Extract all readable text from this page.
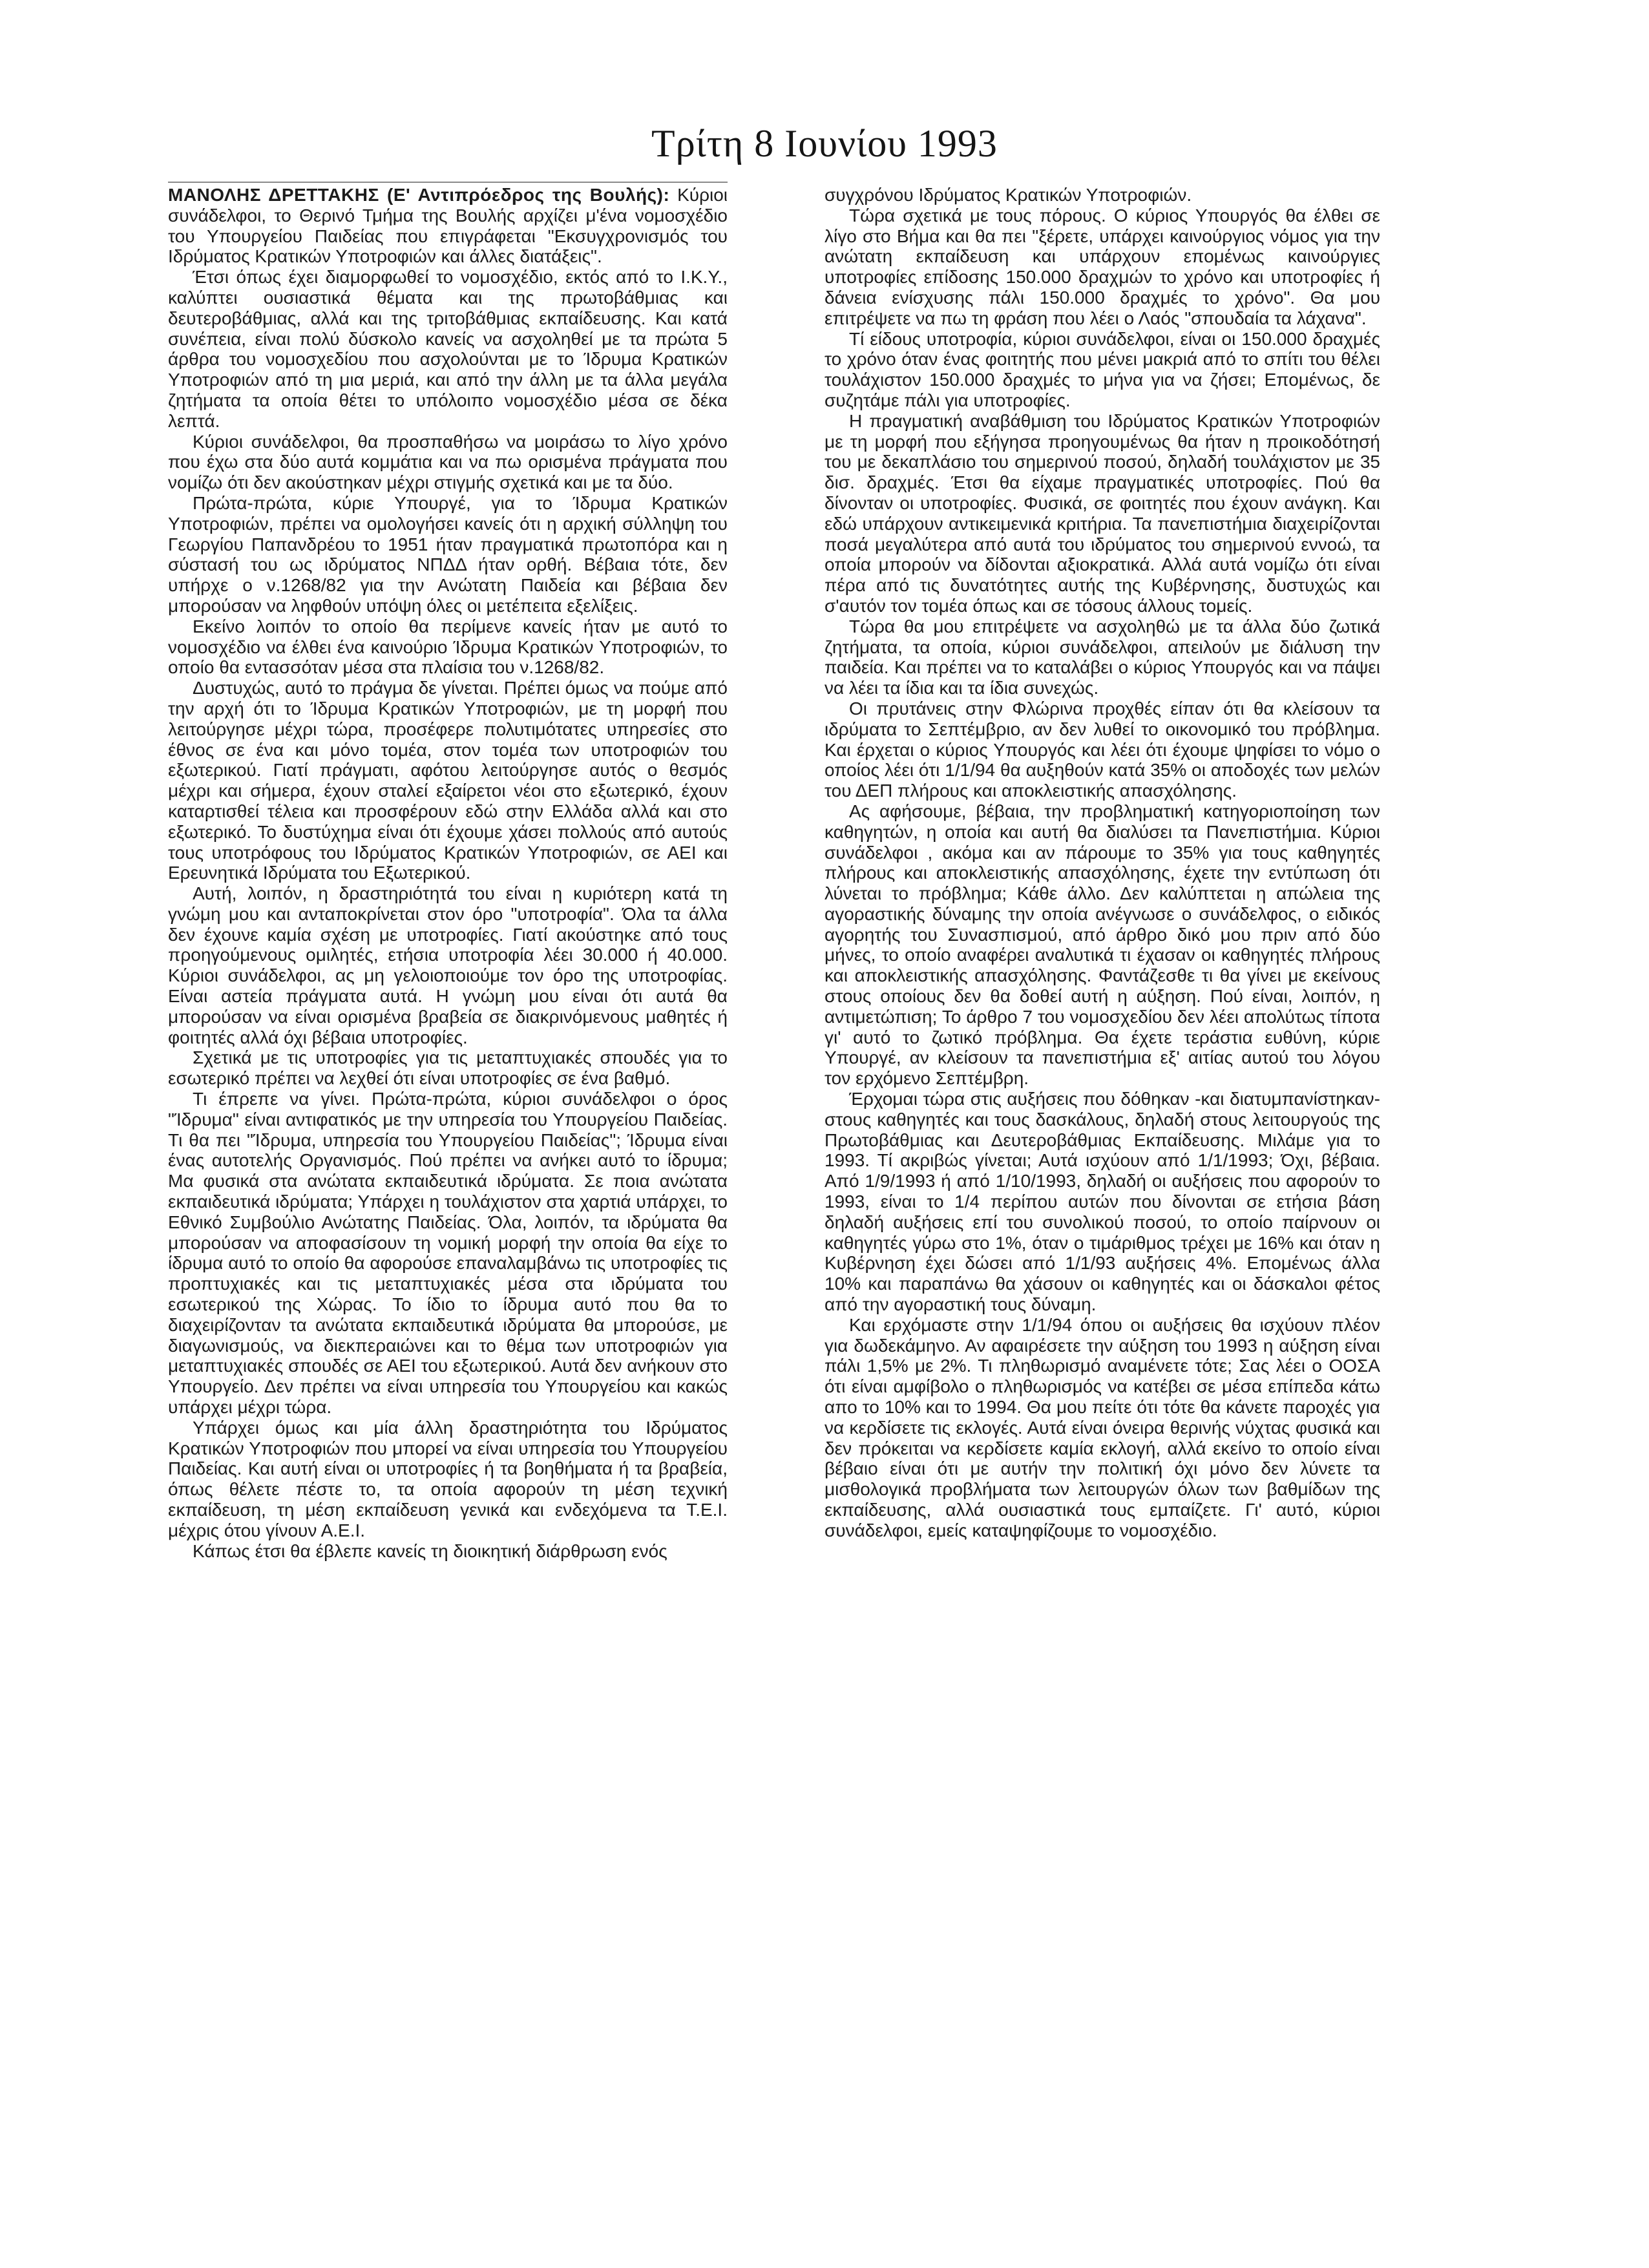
Τρίτη 8 Ιουνίου 1993

ΜΑΝΟΛΗΣ ΔΡΕΤΤΑΚΗΣ (Ε' Αντιπρόεδρος της Βουλής): Κύριοι συνάδελφοι, το Θερινό Τμήμα της Βουλής αρχίζει μ'ένα νομοσχέδιο του Υπουργείου Παιδείας που επιγράφεται "Εκσυγχρονισμός του Ιδρύματος Κρατικών Υποτροφιών και άλλες διατάξεις".

Έτσι όπως έχει διαμορφωθεί το νομοσχέδιο, εκτός από το Ι.Κ.Υ., καλύπτει ουσιαστικά θέματα και της πρωτοβάθμιας και δευτεροβάθμιας, αλλά και της τριτοβάθμιας εκπαίδευσης. Και κατά συνέπεια, είναι πολύ δύσκολο κανείς να ασχοληθεί με τα πρώτα 5 άρθρα του νομοσχεδίου που ασχολούνται με το Ίδρυμα Κρατικών Υποτροφιών από τη μια μεριά, και από την άλλη με τα άλλα μεγάλα ζητήματα τα οποία θέτει το υπόλοιπο νομοσχέδιο μέσα σε δέκα λεπτά.

Κύριοι συνάδελφοι, θα προσπαθήσω να μοιράσω το λίγο χρόνο που έχω στα δύο αυτά κομμάτια και να πω ορισμένα πράγματα που νομίζω ότι δεν ακούστηκαν μέχρι στιγμής σχετικά και με τα δύο.

Πρώτα-πρώτα, κύριε Υπουργέ, για το Ίδρυμα Κρατικών Υποτροφιών, πρέπει να ομολογήσει κανείς ότι η αρχική σύλληψη του Γεωργίου Παπανδρέου το 1951 ήταν πραγματικά πρωτοπόρα και η σύστασή του ως ιδρύματος ΝΠΔΔ ήταν ορθή. Βέβαια τότε, δεν υπήρχε ο ν.1268/82 για την Ανώτατη Παιδεία και βέβαια δεν μπορούσαν να ληφθούν υπόψη όλες οι μετέπειτα εξελίξεις.

Εκείνο λοιπόν το οποίο θα περίμενε κανείς ήταν με αυτό το νομοσχέδιο να έλθει ένα καινούριο Ίδρυμα Κρατικών Υποτροφιών, το οποίο θα εντασσόταν μέσα στα πλαίσια του ν.1268/82.

Δυστυχώς, αυτό το πράγμα δε γίνεται. Πρέπει όμως να πούμε από την αρχή ότι το Ίδρυμα Κρατικών Υποτροφιών, με τη μορφή που λειτούργησε μέχρι τώρα, προσέφερε πολυτιμότατες υπηρεσίες στο έθνος σε ένα και μόνο τομέα, στον τομέα των υποτροφιών του εξωτερικού. Γιατί πράγματι, αφότου λειτούργησε αυτός ο θεσμός μέχρι και σήμερα, έχουν σταλεί εξαίρετοι νέοι στο εξωτερικό, έχουν καταρτισθεί τέλεια και προσφέρουν εδώ στην Ελλάδα αλλά και στο εξωτερικό. Το δυστύχημα είναι ότι έχουμε χάσει πολλούς από αυτούς τους υποτρόφους του Ιδρύματος Κρατικών Υποτροφιών, σε ΑΕΙ και Ερευνητικά Ιδρύματα του Εξωτερικού.

Αυτή, λοιπόν, η δραστηριότητά του είναι η κυριότερη κατά τη γνώμη μου και ανταποκρίνεται στον όρο "υποτροφία". Όλα τα άλλα δεν έχουνε καμία σχέση με υποτροφίες. Γιατί ακούστηκε από τους προηγούμενους ομιλητές, ετήσια υποτροφία λέει 30.000 ή 40.000. Κύριοι συνάδελφοι, ας μη γελοιοποιούμε τον όρο της υποτροφίας. Είναι αστεία πράγματα αυτά. Η γνώμη μου είναι ότι αυτά θα μπορούσαν να είναι ορισμένα βραβεία σε διακρινόμενους μαθητές ή φοιτητές αλλά όχι βέβαια υποτροφίες.

Σχετικά με τις υποτροφίες για τις μεταπτυχιακές σπουδές για το εσωτερικό πρέπει να λεχθεί ότι είναι υποτροφίες σε ένα βαθμό.

Τι έπρεπε να γίνει. Πρώτα-πρώτα, κύριοι συνάδελφοι ο όρος "Ίδρυμα" είναι αντιφατικός με την υπηρεσία του Υπουργείου Παιδείας. Τι θα πει "Ίδρυμα, υπηρεσία του Υπουργείου Παιδείας"; Ίδρυμα είναι ένας αυτοτελής Οργανισμός. Πού πρέπει να ανήκει αυτό το ίδρυμα; Μα φυσικά στα ανώτατα εκπαιδευτικά ιδρύματα. Σε ποια ανώτατα εκπαιδευτικά ιδρύματα; Υπάρχει η τουλάχιστον στα χαρτιά υπάρχει, το Εθνικό Συμβούλιο Ανώτατης Παιδείας. Όλα, λοιπόν, τα ιδρύματα θα μπορούσαν να αποφασίσουν τη νομική μορφή την οποία θα είχε το ίδρυμα αυτό το οποίο θα αφορούσε επαναλαμβάνω τις υποτροφίες τις προπτυχιακές και τις μεταπτυχιακές μέσα στα ιδρύματα του εσωτερικού της Χώρας. Το ίδιο το ίδρυμα αυτό που θα το διαχειρίζονταν τα ανώτατα εκπαιδευτικά ιδρύματα θα μπορούσε, με διαγωνισμούς, να διεκπεραιώνει και το θέμα των υποτροφιών για μεταπτυχιακές σπουδές σε ΑΕΙ του εξωτερικού. Αυτά δεν ανήκουν στο Υπουργείο. Δεν πρέπει να είναι υπηρεσία του Υπουργείου και κακώς υπάρχει μέχρι τώρα.

Υπάρχει όμως και μία άλλη δραστηριότητα του Ιδρύματος Κρατικών Υποτροφιών που μπορεί να είναι υπηρεσία του Υπουργείου Παιδείας. Και αυτή είναι οι υποτροφίες ή τα βοηθήματα ή τα βραβεία, όπως θέλετε πέστε το, τα οποία αφορούν τη μέση τεχνική εκπαίδευση, τη μέση εκπαίδευση γενικά και ενδεχόμενα τα Τ.Ε.Ι. μέχρις ότου γίνουν Α.Ε.Ι.

Κάπως έτσι θα έβλεπε κανείς τη διοικητική διάρθρωση ενός

συγχρόνου Ιδρύματος Κρατικών Υποτροφιών.

Τώρα σχετικά με τους πόρους. Ο κύριος Υπουργός θα έλθει σε λίγο στο Βήμα και θα πει "ξέρετε, υπάρχει καινούργιος νόμος για την ανώτατη εκπαίδευση και υπάρχουν επομένως καινούργιες υποτροφίες επίδοσης 150.000 δραχμών το χρόνο και υποτροφίες ή δάνεια ενίσχυσης πάλι 150.000 δραχμές το χρόνο". Θα μου επιτρέψετε να πω τη φράση που λέει ο Λαός "σπουδαία τα λάχανα".

Τί είδους υποτροφία, κύριοι συνάδελφοι, είναι οι 150.000 δραχμές το χρόνο όταν ένας φοιτητής που μένει μακριά από το σπίτι του θέλει τουλάχιστον 150.000 δραχμές το μήνα για να ζήσει; Επομένως, δε συζητάμε πάλι για υποτροφίες.

Η πραγματική αναβάθμιση του Ιδρύματος Κρατικών Υποτροφιών με τη μορφή που εξήγησα προηγουμένως θα ήταν η προικοδότησή του με δεκαπλάσιο του σημερινού ποσού, δηλαδή τουλάχιστον με 35 δισ. δραχμές. Έτσι θα είχαμε πραγματικές υποτροφίες. Πού θα δίνονταν οι υποτροφίες. Φυσικά, σε φοιτητές που έχουν ανάγκη. Και εδώ υπάρχουν αντικειμενικά κριτήρια. Τα πανεπιστήμια διαχειρίζονται ποσά μεγαλύτερα από αυτά του ιδρύματος του σημερινού εννοώ, τα οποία μπορούν να δίδονται αξιοκρατικά. Αλλά αυτά νομίζω ότι είναι πέρα από τις δυνατότητες αυτής της Κυβέρνησης, δυστυχώς και σ'αυτόν τον τομέα όπως και σε τόσους άλλους τομείς.

Τώρα θα μου επιτρέψετε να ασχοληθώ με τα άλλα δύο ζωτικά ζητήματα, τα οποία, κύριοι συνάδελφοι, απειλούν με διάλυση την παιδεία. Και πρέπει να το καταλάβει ο κύριος Υπουργός και να πάψει να λέει τα ίδια και τα ίδια συνεχώς.

Οι πρυτάνεις στην Φλώρινα προχθές είπαν ότι θα κλείσουν τα ιδρύματα το Σεπτέμβριο, αν δεν λυθεί το οικονομικό του πρόβλημα. Και έρχεται ο κύριος Υπουργός και λέει ότι έχουμε ψηφίσει το νόμο ο οποίος λέει ότι 1/1/94 θα αυξηθούν κατά 35% οι αποδοχές των μελών του ΔΕΠ πλήρους και αποκλειστικής απασχόλησης.

Ας αφήσουμε, βέβαια, την προβληματική κατηγοριοποίηση των καθηγητών, η οποία και αυτή θα διαλύσει τα Πανεπιστήμια. Κύριοι συνάδελφοι , ακόμα και αν πάρουμε το 35% για τους καθηγητές πλήρους και αποκλειστικής απασχόλησης, έχετε την εντύπωση ότι λύνεται το πρόβλημα; Κάθε άλλο. Δεν καλύπτεται η απώλεια της αγοραστικής δύναμης την οποία ανέγνωσε ο συνάδελφος, ο ειδικός αγορητής του Συνασπισμού, από άρθρο δικό μου πριν από δύο μήνες, το οποίο αναφέρει αναλυτικά τι έχασαν οι καθηγητές πλήρους και αποκλειστικής απασχόλησης. Φαντάζεσθε τι θα γίνει με εκείνους στους οποίους δεν θα δοθεί αυτή η αύξηση. Πού είναι, λοιπόν, η αντιμετώπιση; Το άρθρο 7 του νομοσχεδίου δεν λέει απολύτως τίποτα γι' αυτό το ζωτικό πρόβλημα. Θα έχετε τεράστια ευθύνη, κύριε Υπουργέ, αν κλείσουν τα πανεπιστήμια εξ' αιτίας αυτού του λόγου τον ερχόμενο Σεπτέμβρη.

Έρχομαι τώρα στις αυξήσεις που δόθηκαν -και διατυμπανίστηκαν- στους καθηγητές και τους δασκάλους, δηλαδή στους λειτουργούς της Πρωτοβάθμιας και Δευτεροβάθμιας Εκπαίδευσης. Μιλάμε για το 1993. Τί ακριβώς γίνεται; Αυτά ισχύουν από 1/1/1993; Όχι, βέβαια. Από 1/9/1993 ή από 1/10/1993, δηλαδή οι αυξήσεις που αφορούν το 1993, είναι το 1/4 περίπου αυτών που δίνονται σε ετήσια βάση δηλαδή αυξήσεις επί του συνολικού ποσού, το οποίο παίρνουν οι καθηγητές γύρω στο 1%, όταν ο τιμάριθμος τρέχει με 16% και όταν η Κυβέρνηση έχει δώσει από 1/1/93 αυξήσεις 4%. Επομένως άλλα 10% και παραπάνω θα χάσουν οι καθηγητές και οι δάσκαλοι φέτος από την αγοραστική τους δύναμη.

Και ερχόμαστε στην 1/1/94 όπου οι αυξήσεις θα ισχύουν πλέον για δωδεκάμηνο. Αν αφαιρέσετε την αύξηση του 1993 η αύξηση είναι πάλι 1,5% με 2%. Τι πληθωρισμό αναμένετε τότε; Σας λέει ο ΟΟΣΑ ότι είναι αμφίβολο ο πληθωρισμός να κατέβει σε μέσα επίπεδα κάτω απο το 10% και το 1994. Θα μου πείτε ότι τότε θα κάνετε παροχές για να κερδίσετε τις εκλογές. Αυτά είναι όνειρα θερινής νύχτας φυσικά και δεν πρόκειται να κερδίσετε καμία εκλογή, αλλά εκείνο το οποίο είναι βέβαιο είναι ότι με αυτήν την πολιτική όχι μόνο δεν λύνετε τα μισθολογικά προβλήματα των λειτουργών όλων των βαθμίδων της εκπαίδευσης, αλλά ουσιαστικά τους εμπαίζετε. Γι' αυτό, κύριοι συνάδελφοι, εμείς καταψηφίζουμε το νομοσχέδιο.
